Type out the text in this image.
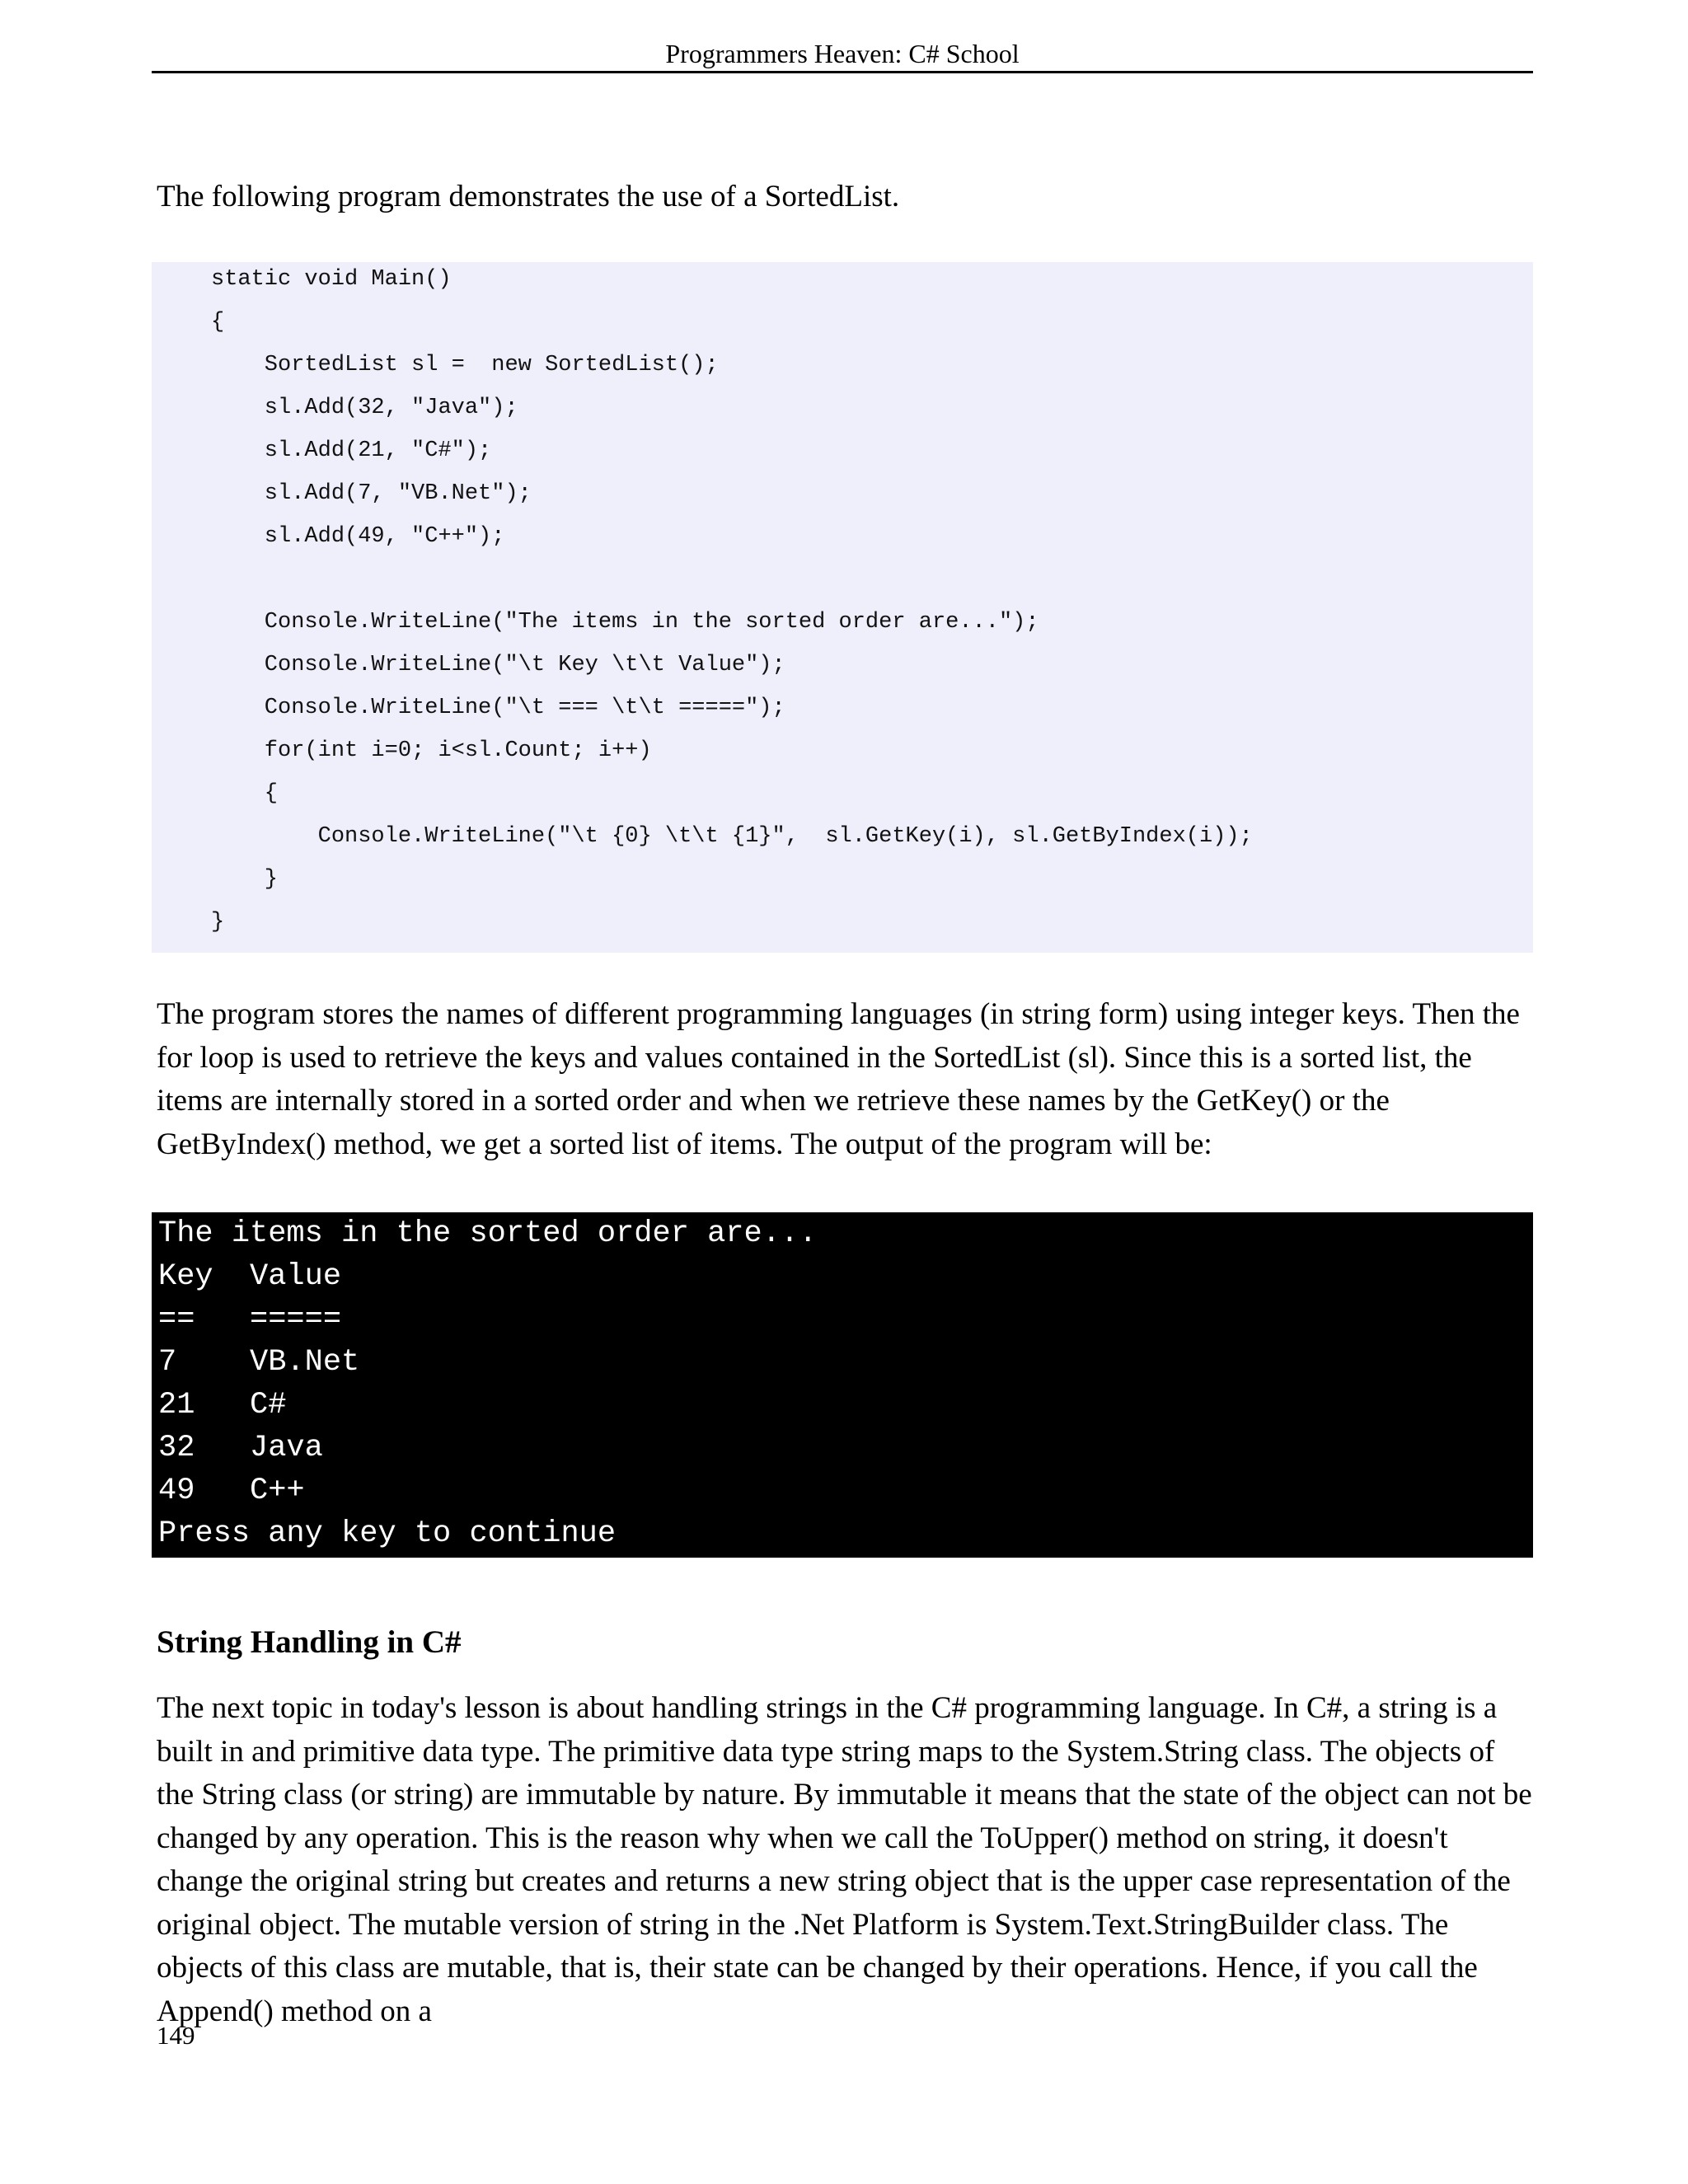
Programmers Heaven: C# School

The following program demonstrates the use of a SortedList.

static void Main()
{
SortedList sl =  new SortedList();
sl.Add(32, "Java");
sl.Add(21, "C#");
sl.Add(7, "VB.Net");
sl.Add(49, "C++");
Console.WriteLine("The items in the sorted order are...");
Console.WriteLine("\t Key \t\t Value");
Console.WriteLine("\t === \t\t =====");
for(int i=0; i<sl.Count; i++)
{
Console.WriteLine("\t {0} \t\t {1}",  sl.GetKey(i), sl.GetByIndex(i));
}
}

The program stores the names of different programming languages (in string form) using integer keys. Then the for loop is used to retrieve the keys and values contained in the SortedList (sl). Since this is a sorted list, the items are internally stored in a sorted order and when we retrieve these names by the GetKey() or the GetByIndex() method, we get a sorted list of items. The output of the program will be:

The items in the sorted order are...
Key  Value
==   =====
7    VB.Net
21   C#
32   Java
49   C++
Press any key to continue
String Handling in C#

The next topic in today's lesson is about handling strings in the C# programming language. In C#, a string is a built in and primitive data type. The primitive data type string maps to the System.String class. The objects of the String class (or string) are immutable by nature. By immutable it means that the state of the object can not be changed by any operation. This is the reason why when we call the ToUpper() method on string, it doesn't change the original string but creates and returns a new string object that is the upper case representation of the original object. The mutable version of string in the .Net Platform is System.Text.StringBuilder class. The objects of this class are mutable, that is, their state can be changed by their operations. Hence, if you call the Append() method on a

149
